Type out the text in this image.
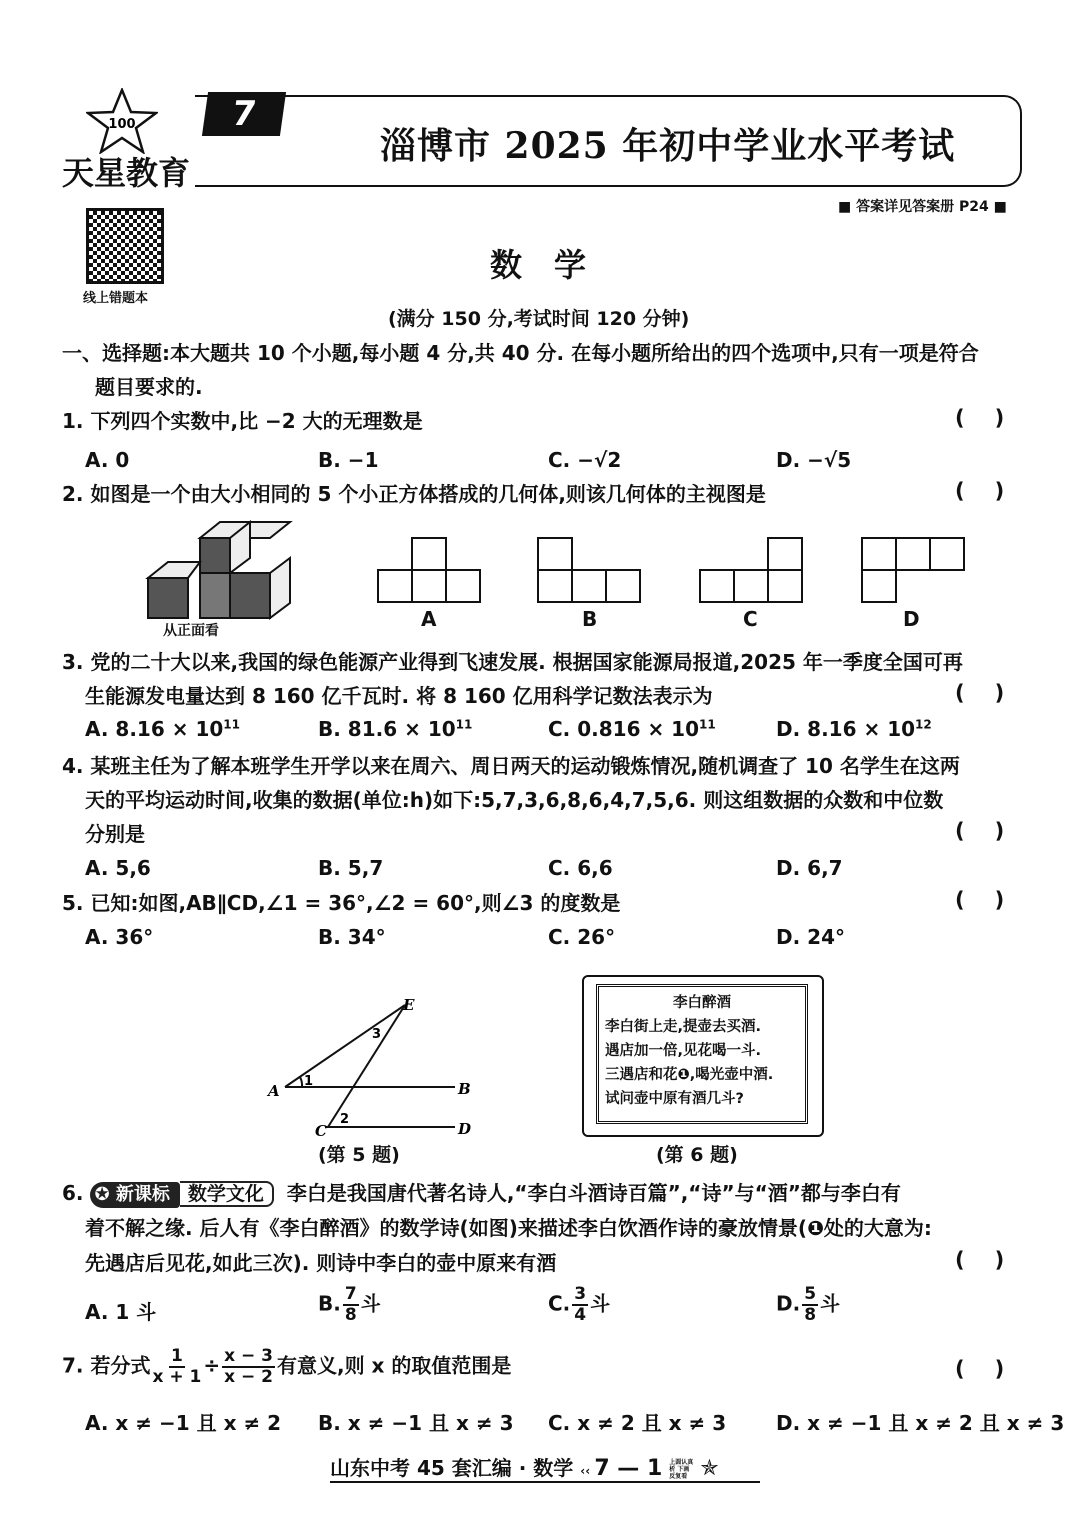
100
天星教育
7
淄博市 2025 年初中学业水平考试
■ 答案详见答案册 P24 ■
线上错题本
数　学
(满分 150 分,考试时间 120 分钟)
一、选择题:本大题共 10 个小题,每小题 4 分,共 40 分. 在每小题所给出的四个选项中,只有一项是符合
题目要求的.
1. 下列四个实数中,比 −2 大的无理数是	()
A. 0	B. −1	C. −√2	D. −√5
2. 如图是一个由大小相同的 5 个小正方体搭成的几何体,则该几何体的主视图是	()
从正面看	A	B	C	D
3. 党的二十大以来,我国的绿色能源产业得到飞速发展. 根据国家能源局报道,2025 年一季度全国可再
生能源发电量达到 8 160 亿千瓦时. 将 8 160 亿用科学记数法表示为	()
A. $8.16 \times 10^{11}$	B. $81.6 \times 10^{11}$	C. $0.816 \times 10^{11}$	D. $8.16 \times 10^{12}$
4. 某班主任为了解本班学生开学以来在周六、周日两天的运动锻炼情况,随机调查了 10 名学生在这两
天的平均运动时间,收集的数据(单位:h)如下:5,7,3,6,8,6,4,7,5,6. 则这组数据的众数和中位数
分别是	()
A. 5,6	B. 5,7	C. 6,6	D. 6,7
5. 已知:如图,AB∥CD,∠1 = 36°,∠2 = 60°,则∠3 的度数是	()
A. 36°	B. 34°	C. 26°	D. 24°
A	B
C	D
E
1
2
3
(第 5 题)
李白醉酒
李白街上走,提壶去买酒.
遇店加一倍,见花喝一斗.
三遇店和花❶,喝光壶中酒.
试问壶中原有酒几斗?
(第 6 题)
6. ✪ 新课标 数学文化 李白是我国唐代著名诗人,“李白斗酒诗百篇”,“诗”与“酒”都与李白有
着不解之缘. 后人有《李白醉酒》的数学诗(如图)来描述李白饮酒作诗的豪放情景(❶处的大意为:
先遇店后见花,如此三次). 则诗中李白的壶中原来有酒	()
A. 1 斗	B. $\frac{7}{8}$ 斗	C. $\frac{3}{4}$ 斗	D. $\frac{5}{8}$ 斗
7. 若分式 $\frac{1}{x + 1} \div \frac{x - 3}{x - 2}$ 有意义,则 x 的取值范围是	()
A. x ≠ −1 且 x ≠ 2 B. x ≠ −1 且 x ≠ 3 C. x ≠ 2 且 x ≠ 3 D. x ≠ −1 且 x ≠ 2 且 x ≠ 3
山东中考 45 套汇编 · 数学 ‹‹ 7 — 1 上圆认真析 下画反复看 ✯
